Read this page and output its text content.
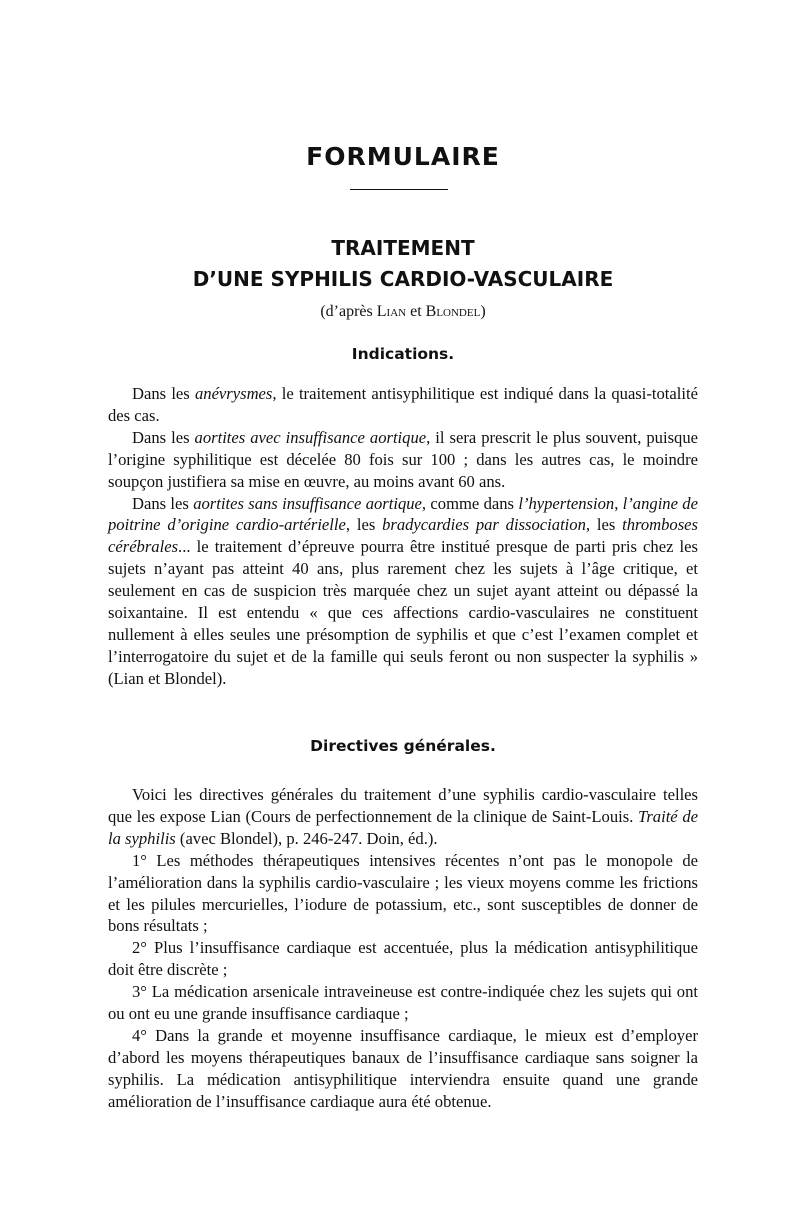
FORMULAIRE
TRAITEMENT
D’UNE SYPHILIS CARDIO-VASCULAIRE
(d’après Lian et Blondel)
Indications.

Dans les anévrysmes, le traitement antisyphilitique est indiqué dans la quasi-totalité des cas.

Dans les aortites avec insuffisance aortique, il sera prescrit le plus souvent, puisque l’origine syphilitique est décelée 80 fois sur 100 ; dans les autres cas, le moindre soupçon justifiera sa mise en œuvre, au moins avant 60 ans.

Dans les aortites sans insuffisance aortique, comme dans l’hypertension, l’angine de poitrine d’origine cardio-artérielle, les bradycardies par dissociation, les thromboses cérébrales... le traitement d’épreuve pourra être institué presque de parti pris chez les sujets n’ayant pas atteint 40 ans, plus rarement chez les sujets à l’âge critique, et seulement en cas de suspicion très marquée chez un sujet ayant atteint ou dépassé la soixantaine. Il est entendu « que ces affections cardio-vasculaires ne constituent nullement à elles seules une présomption de syphilis et que c’est l’examen complet et l’interrogatoire du sujet et de la famille qui seuls feront ou non suspecter la syphilis » (Lian et Blondel).

Directives générales.

Voici les directives générales du traitement d’une syphilis cardio-vasculaire telles que les expose Lian (Cours de perfectionnement de la clinique de Saint-Louis. Traité de la syphilis (avec Blondel), p. 246-247. Doin, éd.).

1° Les méthodes thérapeutiques intensives récentes n’ont pas le monopole de l’amélioration dans la syphilis cardio-vasculaire ; les vieux moyens comme les frictions et les pilules mercurielles, l’iodure de potassium, etc., sont susceptibles de donner de bons résultats ;

2° Plus l’insuffisance cardiaque est accentuée, plus la médication antisyphilitique doit être discrète ;

3° La médication arsenicale intraveineuse est contre-indiquée chez les sujets qui ont ou ont eu une grande insuffisance cardiaque ;

4° Dans la grande et moyenne insuffisance cardiaque, le mieux est d’employer d’abord les moyens thérapeutiques banaux de l’insuffisance cardiaque sans soigner la syphilis. La médication antisyphilitique interviendra ensuite quand une grande amélioration de l’insuffisance cardiaque aura été obtenue.
